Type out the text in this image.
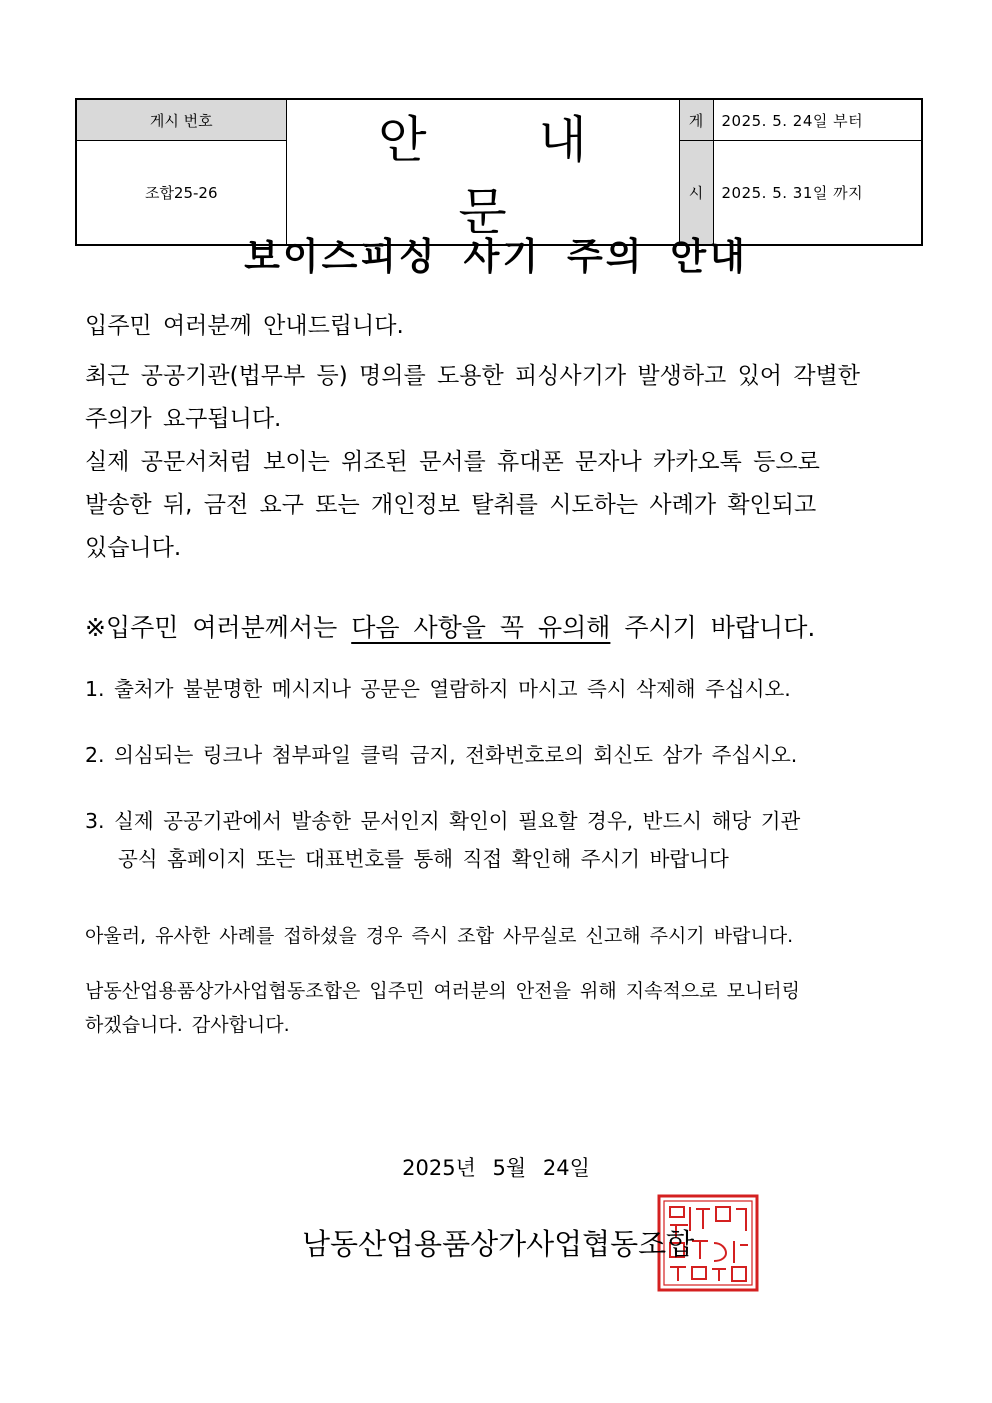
게시 번호	안 내 문	게	2025. 5. 24일 부터
조합25-26		시	2025. 5. 31일 까지
보이스피싱 사기 주의 안내

입주민 여러분께 안내드립니다.

최근 공공기관(법무부 등) 명의를 도용한 피싱사기가 발생하고 있어 각별한

주의가 요구됩니다.

실제 공문서처럼 보이는 위조된 문서를 휴대폰 문자나 카카오톡 등으로

발송한 뒤, 금전 요구 또는 개인정보 탈취를 시도하는 사례가 확인되고

있습니다.

※입주민 여러분께서는 다음 사항을 꼭 유의해 주시기 바랍니다.
1. 출처가 불분명한 메시지나 공문은 열람하지 마시고 즉시 삭제해 주십시오.
2. 의심되는 링크나 첨부파일 클릭 금지, 전화번호로의 회신도 삼가 주십시오.
3. 실제 공공기관에서 발송한 문서인지 확인이 필요할 경우, 반드시 해당 기관
공식 홈페이지 또는 대표번호를 통해 직접 확인해 주시기 바랍니다
아울러, 유사한 사례를 접하셨을 경우 즉시 조합 사무실로 신고해 주시기 바랍니다.
남동산업용품상가사업협동조합은 입주민 여러분의 안전을 위해 지속적으로 모니터링
하겠습니다. 감사합니다.
2025년 5월 24일
남동산업용품상가사업협동조합
